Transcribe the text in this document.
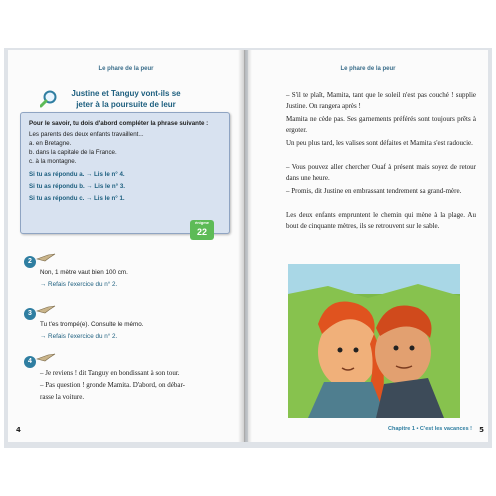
Le phare de la peur
Justine et Tanguy vont-ils se jeter à la poursuite de leur
Pour le savoir, tu dois d'abord compléter la phrase suivante :
Les parents des deux enfants travaillent...
a. en Bretagne.
b. dans la capitale de la France.
c. à la montagne.
Si tu as répondu a. → Lis le n° 4.
Si tu as répondu b. → Lis le n° 3.
Si tu as répondu c. → Lis le n° 1.
énigme
22
2
Non, 1 mètre vaut bien 100 cm.
→ Refais l'exercice du n° 2.
3
Tu t'es trompé(e). Consulte le mémo.
→ Refais l'exercice du n° 2.
4
– Je reviens ! dit Tanguy en bondissant à son tour.
– Pas question ! gronde Mamita. D'abord, on débar-
rasse la voiture.
4
Le phare de la peur
– S'il te plaît, Mamita, tant que le soleil n'est pas couché ! supplie Justine. On rangera après !
Mamita ne cède pas. Ses garnements préférés sont toujours prêts à ergoter.
Un peu plus tard, les valises sont défaites et Mamita s'est radoucie.
– Vous pouvez aller chercher Ouaf à présent mais soyez de retour dans une heure.
– Promis, dit Justine en embrassant tendrement sa grand-mère.
Les deux enfants empruntent le chemin qui mène à la plage. Au bout de cinquante mètres, ils se retrouvent sur le sable.
Chapitre 1 • C'est les vacances ! 5
